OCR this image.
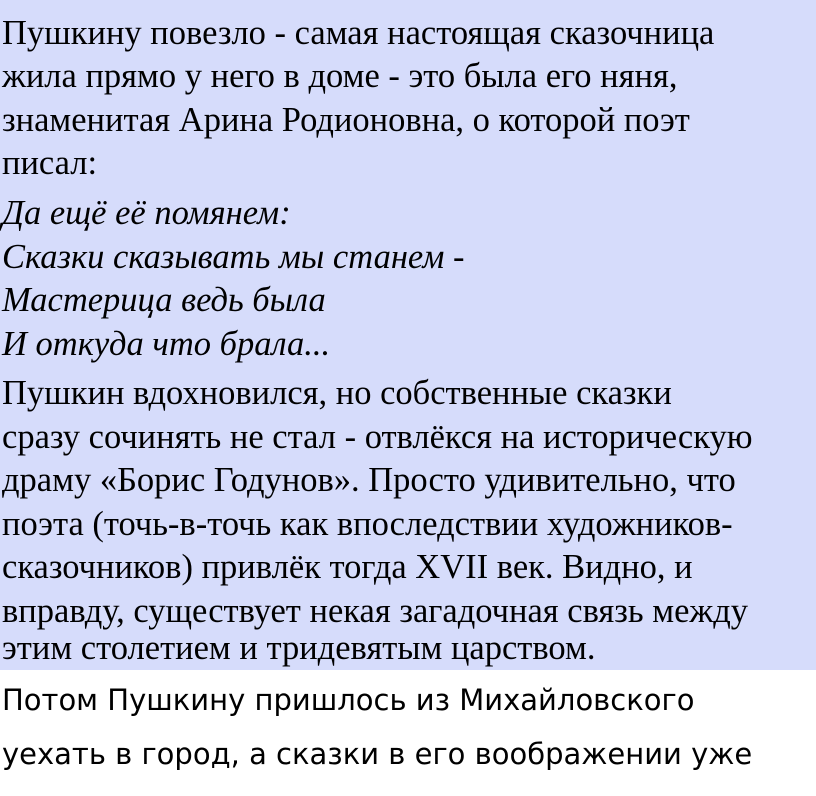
Пушкину повезло - самая настоящая сказочница
жила прямо у него в доме - это была его няня,
знаменитая Арина Родионовна, о которой поэт
писал:
Да ещё её помянем:
Сказки сказывать мы станем -
Мастерица ведь была
И откуда что брала...
Пушкин вдохновился, но собственные сказки
сразу сочинять не стал - отвлёкся на историческую
драму «Борис Годунов». Просто удивительно, что
поэта (точь-в-точь как впоследствии художников-
сказочников) привлёк тогда XVII век. Видно, и
вправду, существует некая загадочная связь между
этим столетием и тридевятым царством.
Потом Пушкину пришлось из Михайловского
уехать в город, а сказки в его воображении уже
